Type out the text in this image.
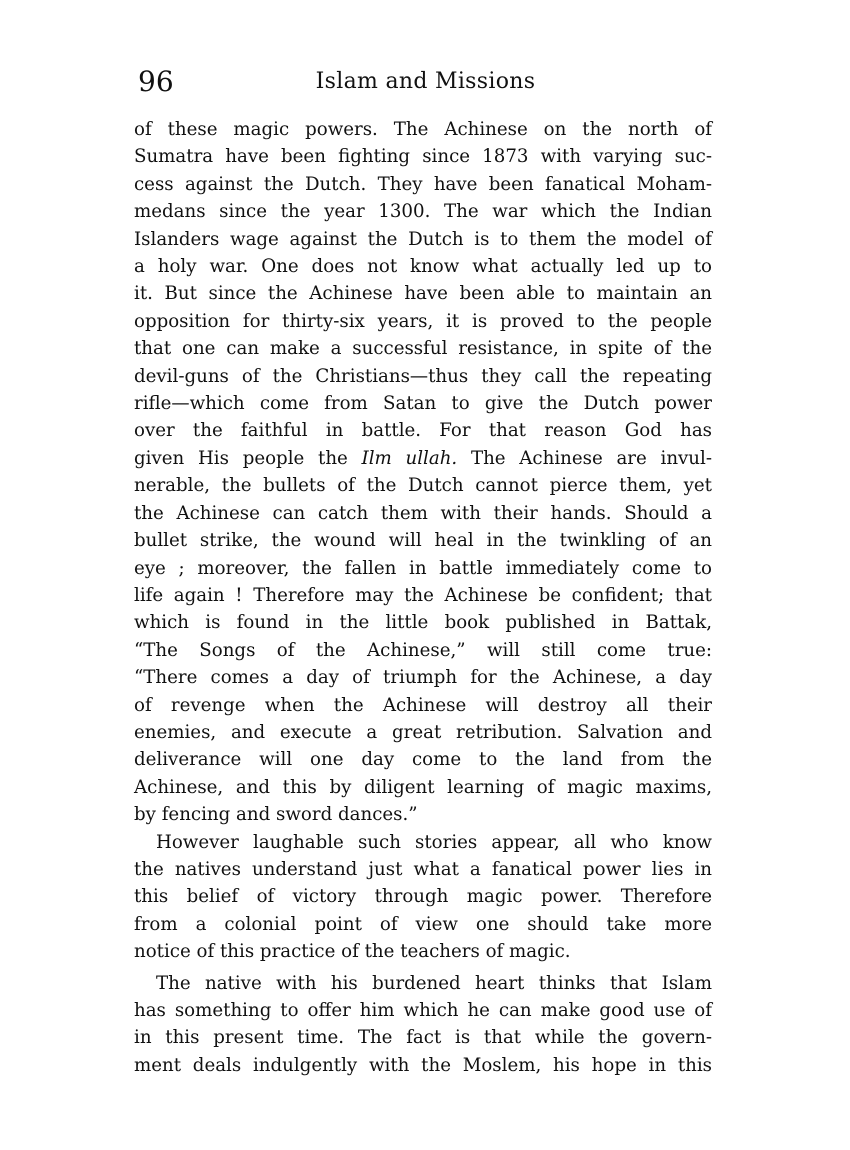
96	Islam and Missions

of these magic powers. The Achinese on the north of
Sumatra have been fighting since 1873 with varying suc-
cess against the Dutch. They have been fanatical Moham-
medans since the year 1300. The war which the Indian
Islanders wage against the Dutch is to them the model of
a holy war. One does not know what actually led up to
it. But since the Achinese have been able to maintain an
opposition for thirty-six years, it is proved to the people
that one can make a successful resistance, in spite of the
devil-guns of the Christians—thus they call the repeating
rifle—which come from Satan to give the Dutch power
over the faithful in battle. For that reason God has
given His people the Ilm ullah. The Achinese are invul-
nerable, the bullets of the Dutch cannot pierce them, yet
the Achinese can catch them with their hands. Should a
bullet strike, the wound will heal in the twinkling of an
eye ; moreover, the fallen in battle immediately come to
life again ! Therefore may the Achinese be confident; that
which is found in the little book published in Battak,
“The Songs of the Achinese,” will still come true:
“There comes a day of triumph for the Achinese, a day
of revenge when the Achinese will destroy all their
enemies, and execute a great retribution. Salvation and
deliverance will one day come to the land from the
Achinese, and this by diligent learning of magic maxims,
by fencing and sword dances.”

However laughable such stories appear, all who know
the natives understand just what a fanatical power lies in
this belief of victory through magic power. Therefore
from a colonial point of view one should take more
notice of this practice of the teachers of magic.

The native with his burdened heart thinks that Islam
has something to offer him which he can make good use of
in this present time. The fact is that while the govern-
ment deals indulgently with the Moslem, his hope in this
